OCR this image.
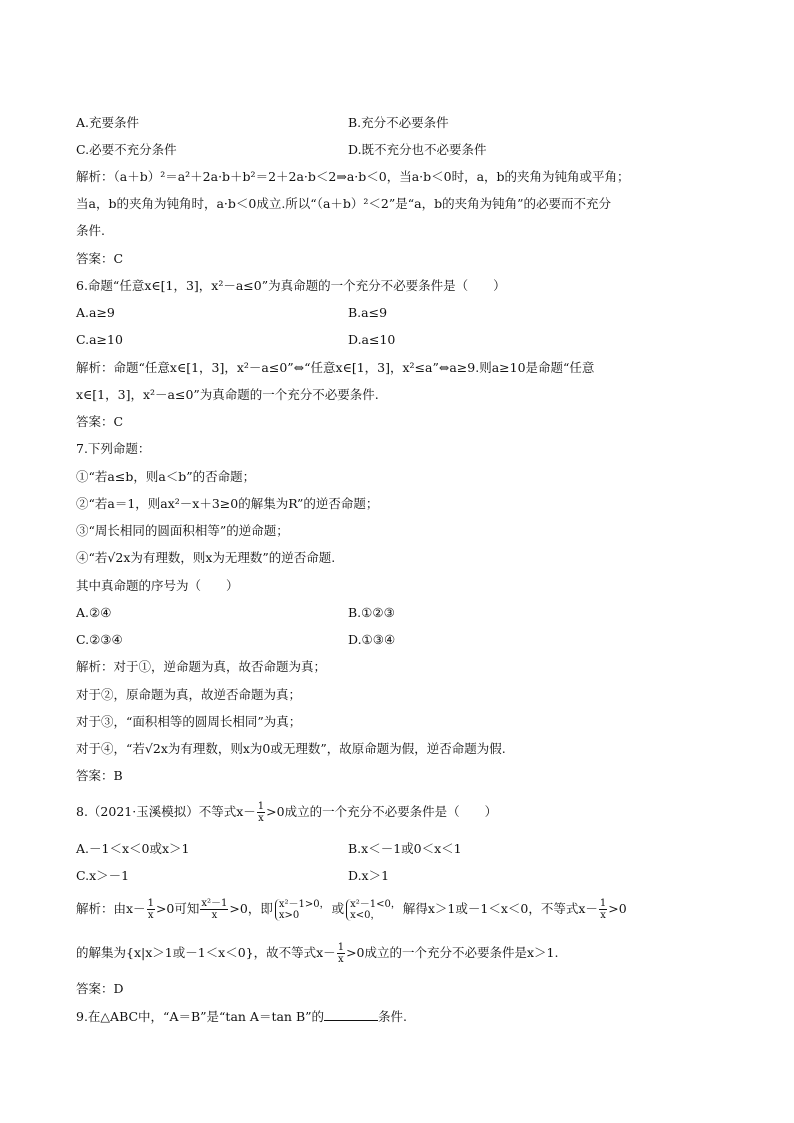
A.充要条件	B.充分不必要条件
C.必要不充分条件	D.既不充分也不必要条件
解析：（a＋b）²＝a²＋2a·b＋b²＝2＋2a·b＜2⇒a·b＜0，当a·b＜0时，a，b的夹角为钝角或平角；
当a，b的夹角为钝角时，a·b＜0成立.所以“（a＋b）²＜2”是“a，b的夹角为钝角”的必要而不充分
条件.
答案：C
6.命题“任意x∈[1，3]，x²－a≤0”为真命题的一个充分不必要条件是（　　）
A.a≥9	B.a≤9
C.a≥10	D.a≤10
解析：命题“任意x∈[1，3]，x²－a≤0”⇔“任意x∈[1，3]，x²≤a”⇔a≥9.则a≥10是命题“任意
x∈[1，3]，x²－a≤0”为真命题的一个充分不必要条件.
答案：C
7.下列命题：
①“若a≤b，则a＜b”的否命题；
②“若a＝1，则ax²－x＋3≥0的解集为R”的逆否命题；
③“周长相同的圆面积相等”的逆命题；
④“若√2x为有理数，则x为无理数”的逆否命题.
其中真命题的序号为（　　）
A.②④	B.①②③
C.②③④	D.①③④
解析：对于①，逆命题为真，故否命题为真；
对于②，原命题为真，故逆否命题为真；
对于③，“面积相等的圆周长相同”为真；
对于④，“若√2x为有理数，则x为0或无理数”，故原命题为假，逆否命题为假.
答案：B
8.（2021·玉溪模拟）不等式$x- \frac{1}{x} >0$成立的一个充分不必要条件是（　　）
A.－1＜x＜0或x＞1	B.x＜－1或0＜x＜1
C.x＞－1	D.x＞1
解析：由$x- \frac{1}{x} >0$可知 $\frac{\text{x²－1}}{x} >0$，即 x²－1>0，
x>0	或 x²－1<0，
x<0，	解得x＞1或－1＜x＜0，不等式$x- \frac{1}{x} >0$
的解集为{x|x＞1或－1＜x＜0}，故不等式$x- \frac{1}{x} >0$成立的一个充分不必要条件是x＞1.
答案：D
9.在△ABC中，“A＝B”是“tan A＝tan B”的	条件.
